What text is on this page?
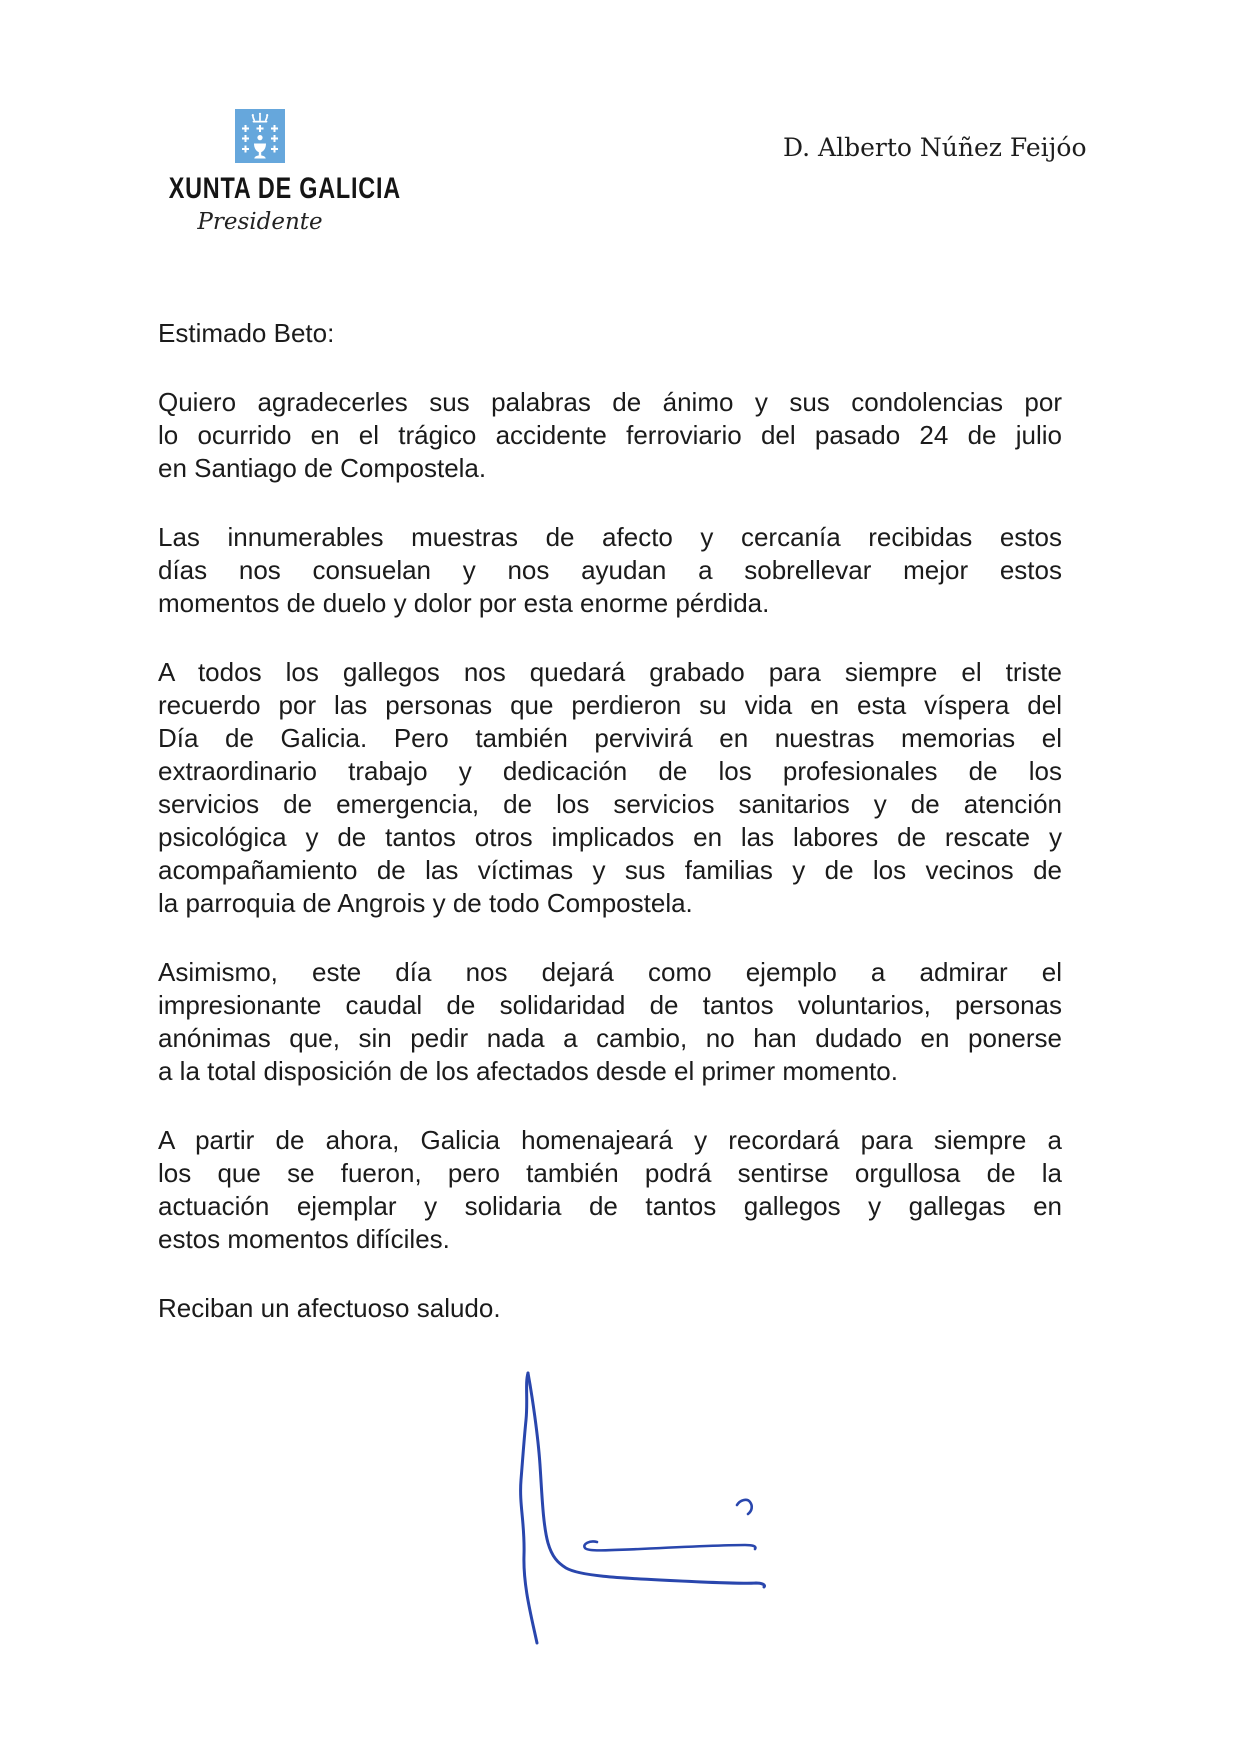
XUNTA DE GALICIA
Presidente
D. Alberto Núñez Feijóo
Estimado Beto:
Quiero agradecerles sus palabras de ánimo y sus condolencias por
lo ocurrido en el trágico accidente ferroviario del pasado 24 de julio
en Santiago de Compostela.
Las innumerables muestras de afecto y cercanía recibidas estos
días nos consuelan y nos ayudan a sobrellevar mejor estos
momentos de duelo y dolor por esta enorme pérdida.
A todos los gallegos nos quedará grabado para siempre el triste
recuerdo por las personas que perdieron su vida en esta víspera del
Día de Galicia. Pero también pervivirá en nuestras memorias el
extraordinario trabajo y dedicación de los profesionales de los
servicios de emergencia, de los servicios sanitarios y de atención
psicológica y de tantos otros implicados en las labores de rescate y
acompañamiento de las víctimas y sus familias y de los vecinos de
la parroquia de Angrois y de todo Compostela.
Asimismo, este día nos dejará como ejemplo a admirar el
impresionante caudal de solidaridad de tantos voluntarios, personas
anónimas que, sin pedir nada a cambio, no han dudado en ponerse
a la total disposición de los afectados desde el primer momento.
A partir de ahora, Galicia homenajeará y recordará para siempre a
los que se fueron, pero también podrá sentirse orgullosa de la
actuación ejemplar y solidaria de tantos gallegos y gallegas en
estos momentos difíciles.
Reciban un afectuoso saludo.
